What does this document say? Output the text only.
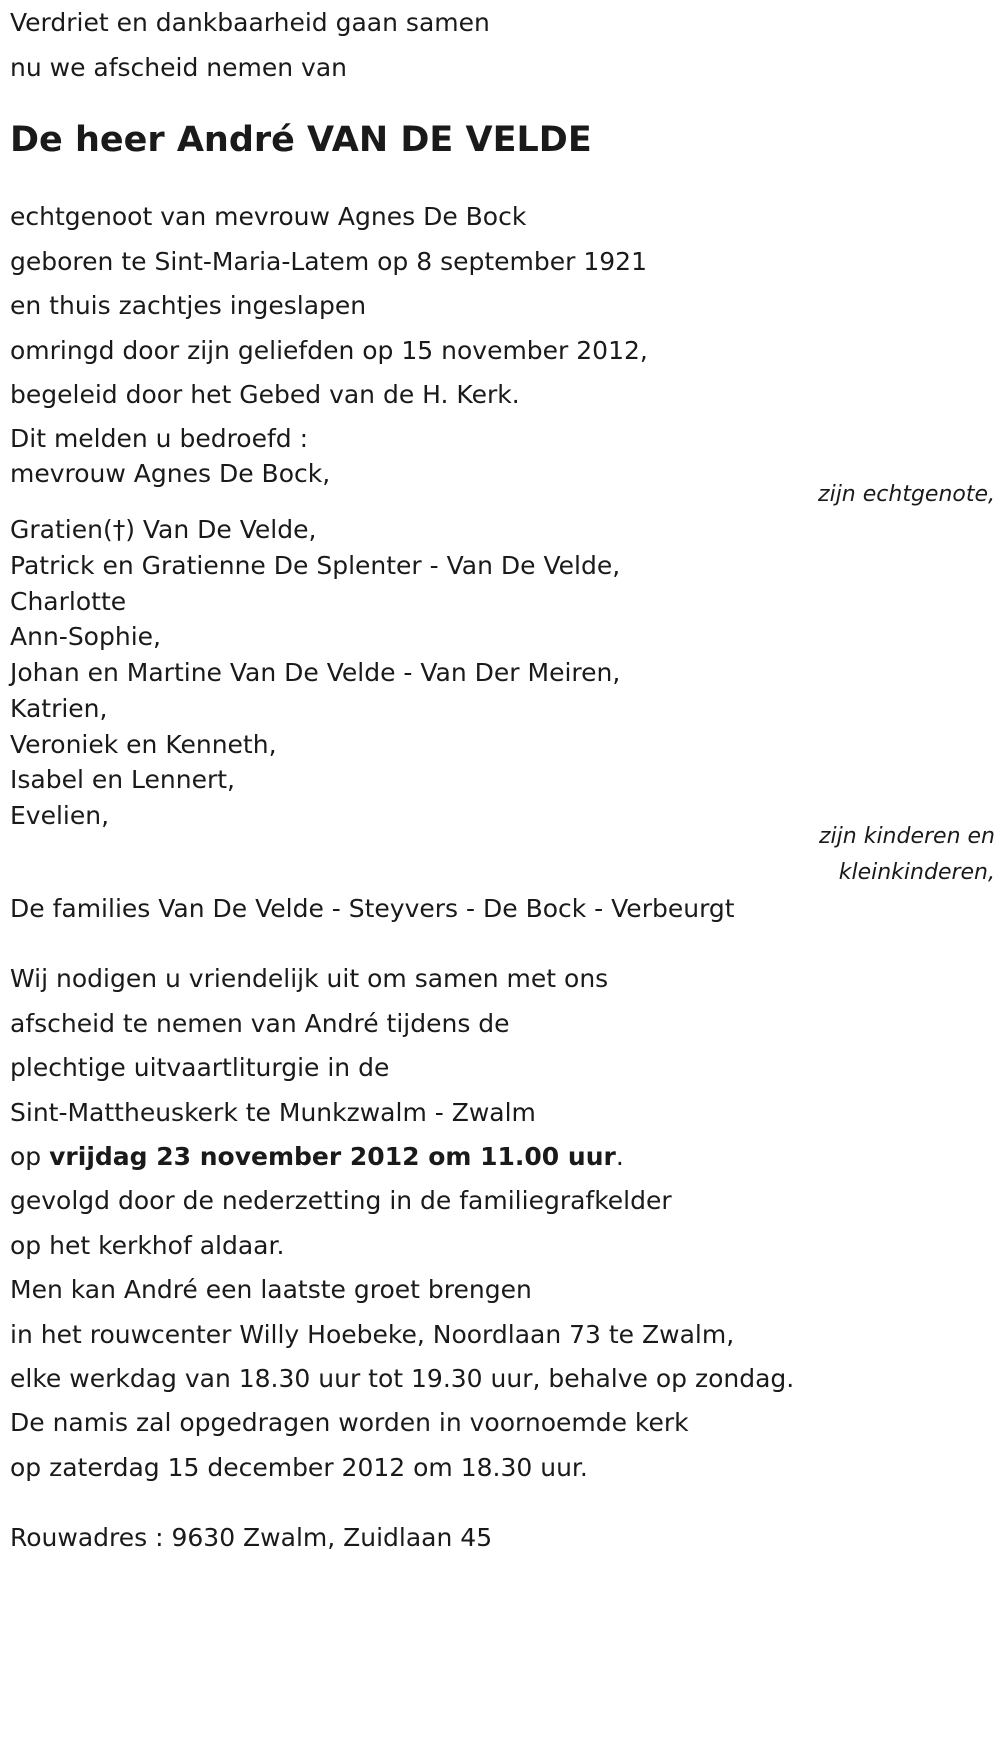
Verdriet en dankbaarheid gaan samen

nu we afscheid nemen van

De heer André VAN DE VELDE

echtgenoot van mevrouw Agnes De Bock

geboren te Sint-Maria-Latem op 8 september 1921

en thuis zachtjes ingeslapen

omringd door zijn geliefden op 15 november 2012,

begeleid door het Gebed van de H. Kerk.

Dit melden u bedroefd :

mevrouw Agnes De Bock,

zijn echtgenote,

Gratien(†) Van De Velde,

Patrick en Gratienne De Splenter - Van De Velde,

Charlotte

Ann-Sophie,

Johan en Martine Van De Velde - Van Der Meiren,

Katrien,

Veroniek en Kenneth,

Isabel en Lennert,

Evelien,

zijn kinderen en

kleinkinderen,

De families Van De Velde - Steyvers - De Bock - Verbeurgt

Wij nodigen u vriendelijk uit om samen met ons

afscheid te nemen van André tijdens de

plechtige uitvaartliturgie in de

Sint-Mattheuskerk te Munkzwalm - Zwalm

op vrijdag 23 november 2012 om 11.00 uur.

gevolgd door de nederzetting in de familiegrafkelder

op het kerkhof aldaar.

Men kan André een laatste groet brengen

in het rouwcenter Willy Hoebeke, Noordlaan 73 te Zwalm,

elke werkdag van 18.30 uur tot 19.30 uur, behalve op zondag.

De namis zal opgedragen worden in voornoemde kerk

op zaterdag 15 december 2012 om 18.30 uur.

Rouwadres : 9630 Zwalm, Zuidlaan 45
